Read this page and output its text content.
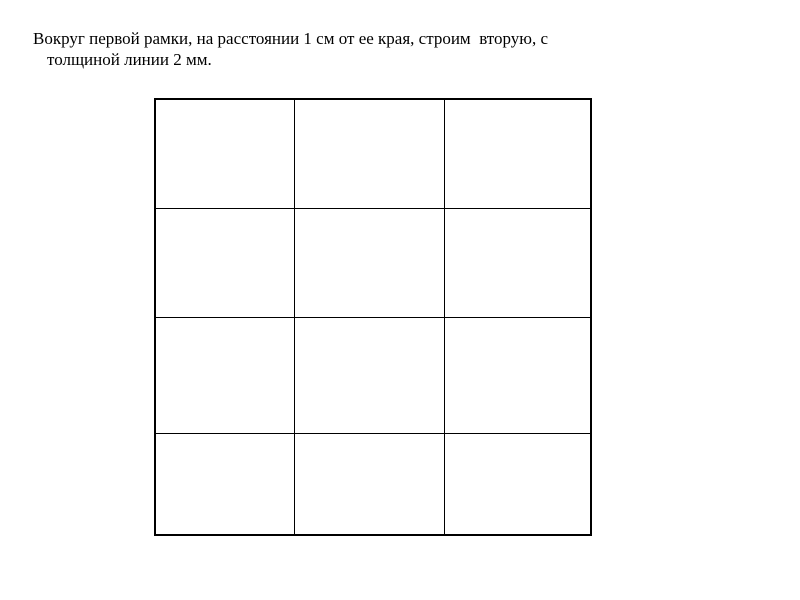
Вокруг первой рамки, на расстоянии 1 см от ее края, строим  вторую, с
толщиной линии 2 мм.
